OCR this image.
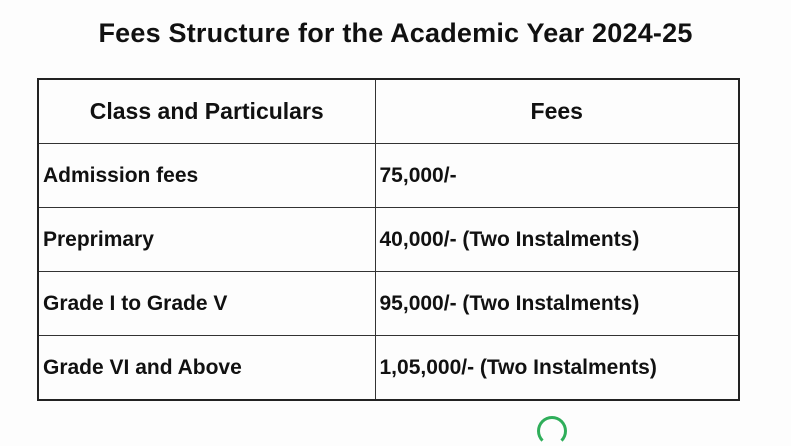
Fees Structure for the Academic Year 2024-25
Class and Particulars	Fees
Admission fees	75,000/-
Preprimary	40,000/- (Two Instalments)
Grade I to Grade V	95,000/- (Two Instalments)
Grade VI and Above	1,05,000/- (Two Instalments)
